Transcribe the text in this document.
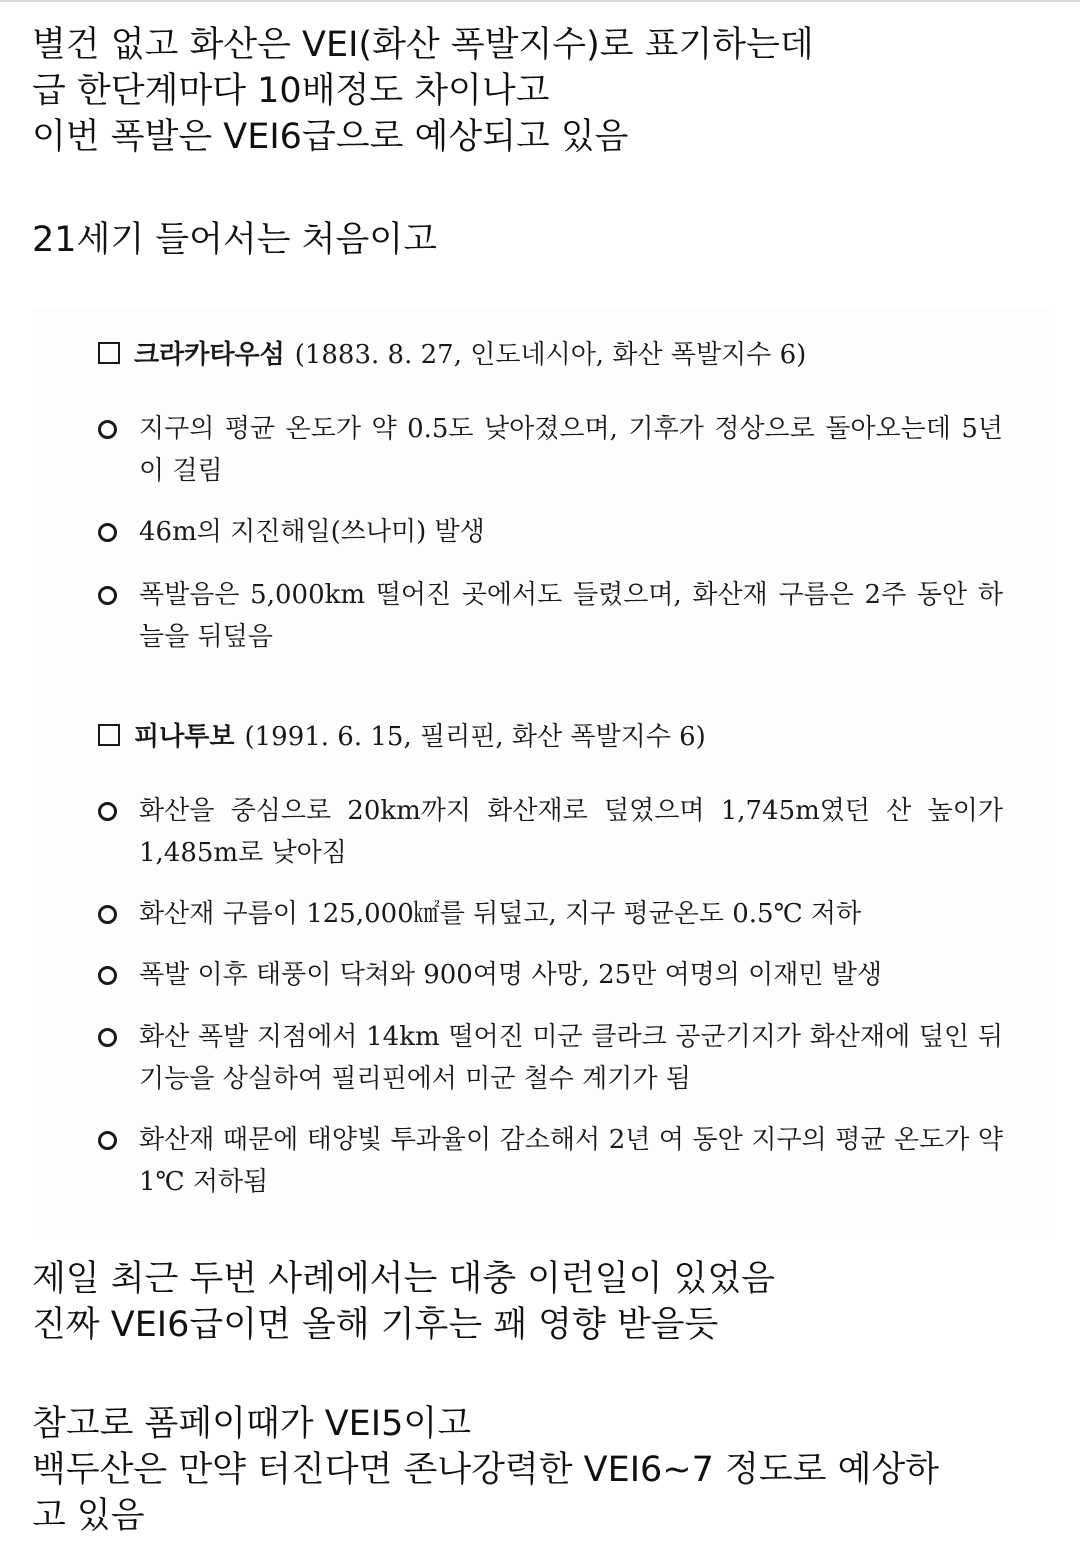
별건 없고 화산은 VEI(화산 폭발지수)로 표기하는데

급 한단계마다 10배정도 차이나고

이번 폭발은 VEI6급으로 예상되고 있음

21세기 들어서는 처음이고

크라카타우섬 (1883. 8. 27, 인도네시아, 화산 폭발지수 6)
지구의 평균 온도가 약 0.5도 낮아졌으며, 기후가 정상으로 돌아오는데 5년이 걸림
46m의 지진해일(쓰나미) 발생
폭발음은 5,000km 떨어진 곳에서도 들렸으며, 화산재 구름은 2주 동안 하늘을 뒤덮음
피나투보 (1991. 6. 15, 필리핀, 화산 폭발지수 6)
화산을 중심으로 20km까지 화산재로 덮였으며 1,745m였던 산 높이가 1,485m로 낮아짐
화산재 구름이 125,000㎢를 뒤덮고, 지구 평균온도 0.5℃ 저하
폭발 이후 태풍이 닥쳐와 900여명 사망, 25만 여명의 이재민 발생
화산 폭발 지점에서 14km 떨어진 미군 클라크 공군기지가 화산재에 덮인 뒤 기능을 상실하여 필리핀에서 미군 철수 계기가 됨
화산재 때문에 태양빛 투과율이 감소해서 2년 여 동안 지구의 평균 온도가 약 1℃ 저하됨

제일 최근 두번 사례에서는 대충 이런일이 있었음

진짜 VEI6급이면 올해 기후는 꽤 영향 받을듯

참고로 폼페이때가 VEI5이고

백두산은 만약 터진다면 존나강력한 VEI6~7 정도로 예상하

고 있음
